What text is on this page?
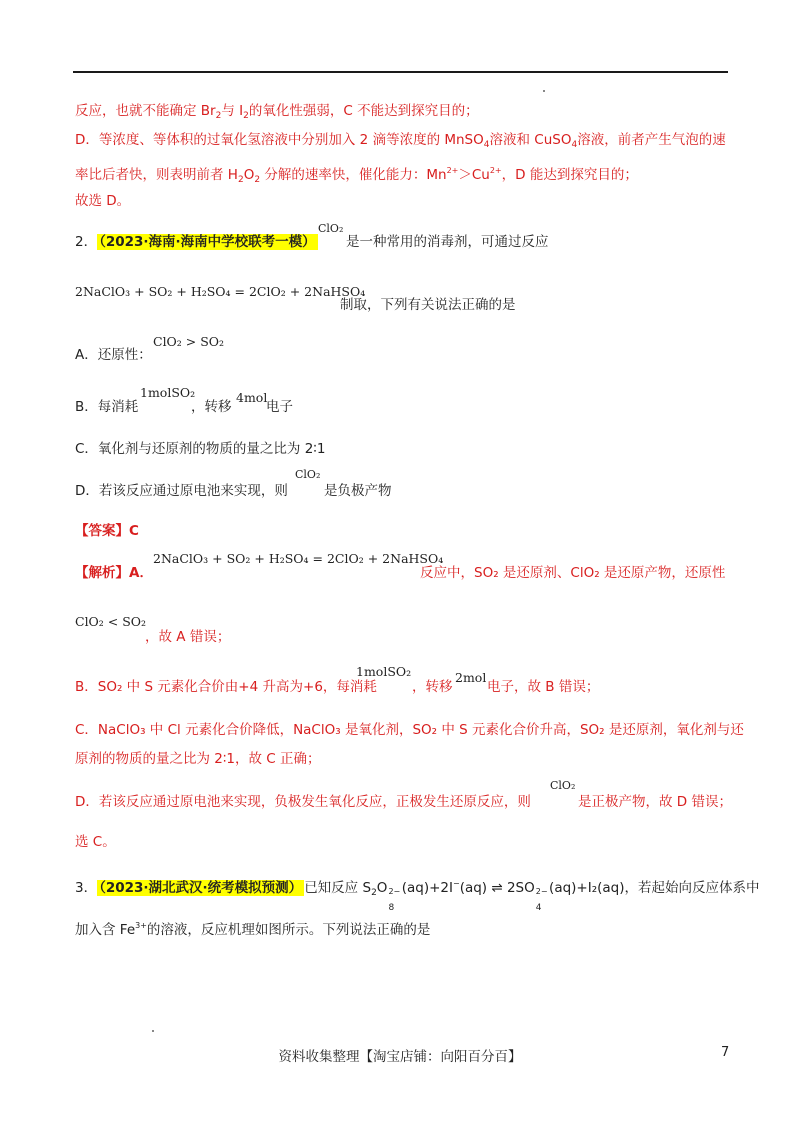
反应，也就不能确定 $Br_2$与 $I_2$的氧化性强弱，C 不能达到探究目的；
D．等浓度、等体积的过氧化氢溶液中分别加入 2 滴等浓度的 MnSO$_4$溶液和 CuSO$_4$溶液，前者产生气泡的速
率比后者快，则表明前者 $H_2O_2$ 分解的速率快，催化能力：$Mn^{2+}>Cu^{2+}$，D 能达到探究目的；
故选 D。
2． （2023·海南·海南中学校联考一模）
ClO₂
是一种常用的消毒剂，可通过反应
2NaClO₃ + SO₂ + H₂SO₄ = 2ClO₂ + 2NaHSO₄
制取，下列有关说法正确的是
A．还原性：
ClO₂ > SO₂
B．每消耗
1molSO₂
，转移
4mol
电子
C．氧化剂与还原剂的物质的量之比为 2∶1
D．若该反应通过原电池来实现，则
ClO₂
是负极产物
【答案】C
【解析】A．
2NaClO₃ + SO₂ + H₂SO₄ = 2ClO₂ + 2NaHSO₄
反应中，SO₂ 是还原剂、ClO₂ 是还原产物，还原性
ClO₂ < SO₂
，故 A 错误；
B．SO₂ 中 S 元素化合价由+4 升高为+6，每消耗
1molSO₂
，转移
2mol
电子，故 B 错误；
C．NaClO₃ 中 Cl 元素化合价降低，NaClO₃ 是氧化剂，SO₂ 中 S 元素化合价升高，SO₂ 是还原剂，氧化剂与还
原剂的物质的量之比为 2∶1，故 C 正确；
D．若该反应通过原电池来实现，负极发生氧化反应，正极发生还原反应，则
ClO₂
是正极产物，故 D 错误；
选 C。
3． （2023·湖北武汉·统考模拟预测） 已知反应 $S_2O$ 2−
8
(aq)+2I−(aq) ⇌ 2SO 2−
4
(aq)+I₂(aq)，若起始向反应体系中
加入含 $Fe^{3+}$的溶液，反应机理如图所示。下列说法正确的是
资料收集整理【淘宝店铺：向阳百分百】	7
